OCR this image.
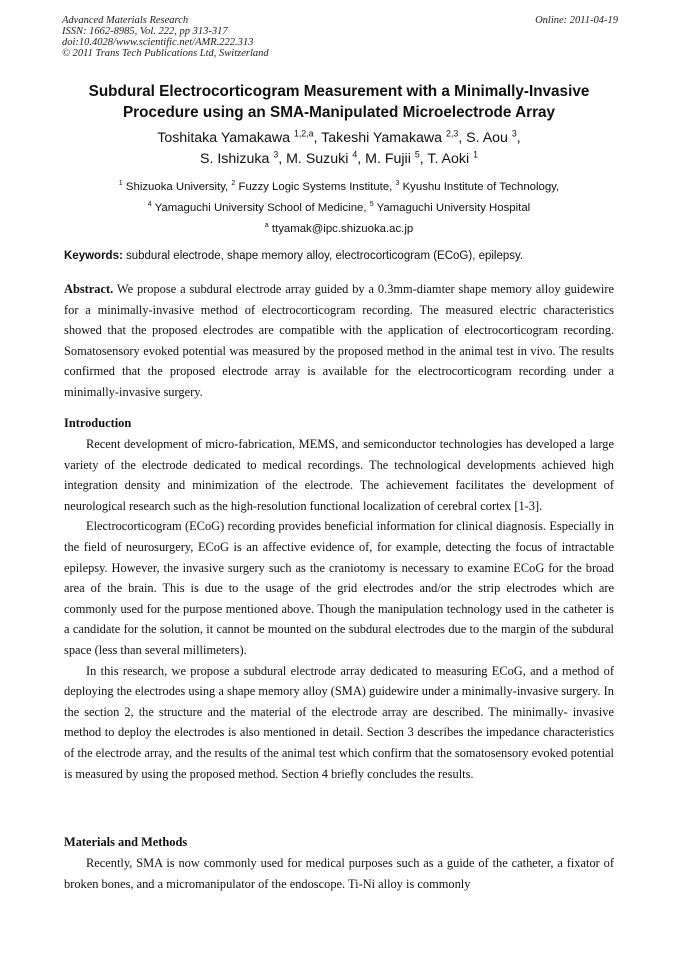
Advanced Materials Research
ISSN: 1662-8985, Vol. 222, pp 313-317
doi:10.4028/www.scientific.net/AMR.222.313
© 2011 Trans Tech Publications Ltd, Switzerland
Online: 2011-04-19
Subdural Electrocorticogram Measurement with a Minimally-Invasive
Procedure using an SMA-Manipulated Microelectrode Array
Toshitaka Yamakawa $^{1,2,a}$, Takeshi Yamakawa $^{2,3}$, S. Aou $^3$,
S. Ishizuka $^3$, M. Suzuki $^4$, M. Fujii $^5$, T. Aoki $^1$
$^1$ Shizuoka University, $^2$ Fuzzy Logic Systems Institute, $^3$ Kyushu Institute of Technology,
$^4$ Yamaguchi University School of Medicine, $^5$ Yamaguchi University Hospital
$^a$ ttyamak@ipc.shizuoka.ac.jp
Keywords: subdural electrode, shape memory alloy, electrocorticogram (ECoG), epilepsy.

Abstract. We propose a subdural electrode array guided by a 0.3mm-diamter shape memory alloy guidewire for a minimally-invasive method of electrocorticogram recording. The measured electric characteristics showed that the proposed electrodes are compatible with the application of electrocorticogram recording. Somatosensory evoked potential was measured by the proposed method in the animal test in vivo. The results confirmed that the proposed electrode array is available for the electrocorticogram recording under a minimally-invasive surgery.

Introduction

Recent development of micro-fabrication, MEMS, and semiconductor technologies has developed a large variety of the electrode dedicated to medical recordings. The technological developments achieved high integration density and minimization of the electrode. The achievement facilitates the development of neurological research such as the high-resolution functional localization of cerebral cortex [1-3].

Electrocorticogram (ECoG) recording provides beneficial information for clinical diagnosis. Especially in the field of neurosurgery, ECoG is an affective evidence of, for example, detecting the focus of intractable epilepsy. However, the invasive surgery such as the craniotomy is necessary to examine ECoG for the broad area of the brain. This is due to the usage of the grid electrodes and/or the strip electrodes which are commonly used for the purpose mentioned above. Though the manipulation technology used in the catheter is a candidate for the solution, it cannot be mounted on the subdural electrodes due to the margin of the subdural space (less than several millimeters).

In this research, we propose a subdural electrode array dedicated to measuring ECoG, and a method of deploying the electrodes using a shape memory alloy (SMA) guidewire under a minimally-invasive surgery. In the section 2, the structure and the material of the electrode array are described. The minimally- invasive method to deploy the electrodes is also mentioned in detail. Section 3 describes the impedance characteristics of the electrode array, and the results of the animal test which confirm that the somatosensory evoked potential is measured by using the proposed method. Section 4 briefly concludes the results.

Materials and Methods

Recently, SMA is now commonly used for medical purposes such as a guide of the catheter, a fixator of broken bones, and a micromanipulator of the endoscope. Ti-Ni alloy is commonly
